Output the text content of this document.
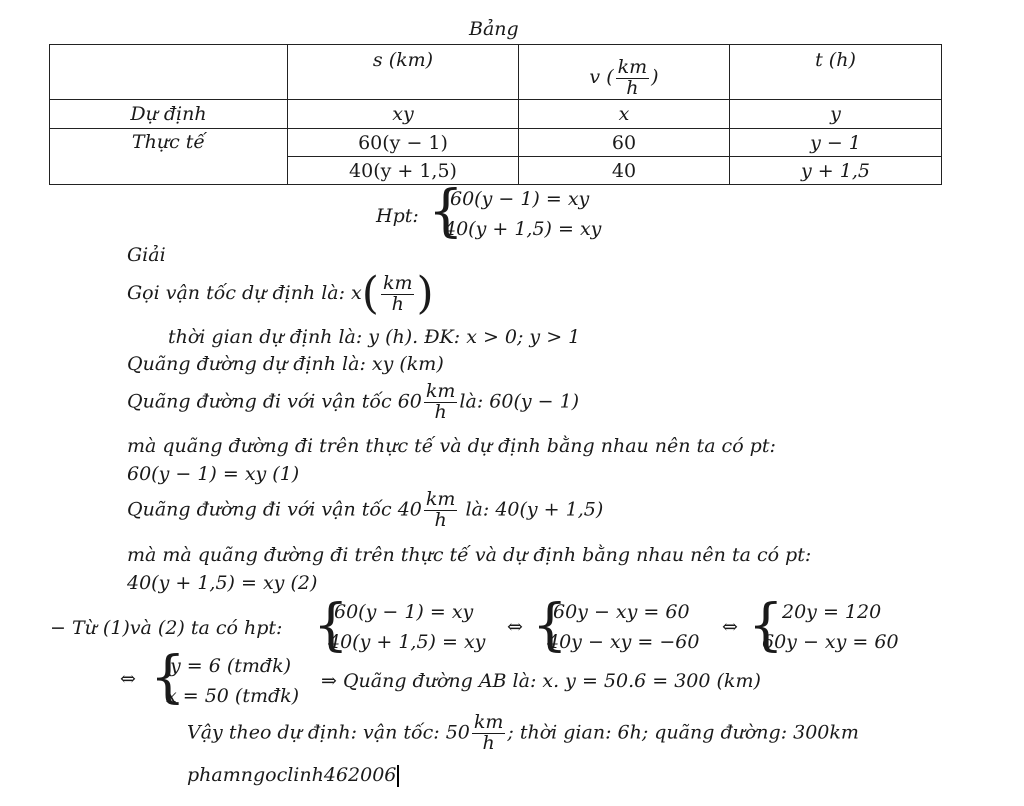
Bảng

	s (km)	v ( $\frac{km}{h}$ )	t (h)

Dự định	xy	x	y

Thực tế	60(y − 1)	60	y − 1
	40(y + 1,5)	40	y + 1,5
Hpt: {
60(y − 1) = xy
40(y + 1,5) = xy
Giải
Gọi vận tốc dự định là: $x( \frac{km}{h}$ )
thời gian dự định là: y (h). ĐK: x > 0; y > 1
Quãng đường dự định là: xy (km)
Quãng đường đi với vận tốc $60 \frac{km}{h}$ là: 60(y − 1)
mà quãng đường đi trên thực tế và dự định bằng nhau nên ta có pt:
60(y − 1) = xy (1)
Quãng đường đi với vận tốc $40 \frac{km}{h}$ là: 40(y + 1,5)
mà mà quãng đường đi trên thực tế và dự định bằng nhau nên ta có pt:
40(y + 1,5) = xy (2)
− Từ (1)và (2) ta có hpt: {
60(y − 1) = xy
40(y + 1,5) = xy
⇔ {
60y − xy = 60
40y − xy = −60
⇔ {
20y = 120
60y − xy = 60
⇔ {
y = 6 (tmđk)
x = 50 (tmđk)
⇒ Quãng đường AB là: x. y = 50.6 = 300 (km)
Vậy theo dự định: vận tốc: $50 \frac{km}{h}$ ; thời gian: 6h; quãng đường: 300km
phamngoclinh462006
